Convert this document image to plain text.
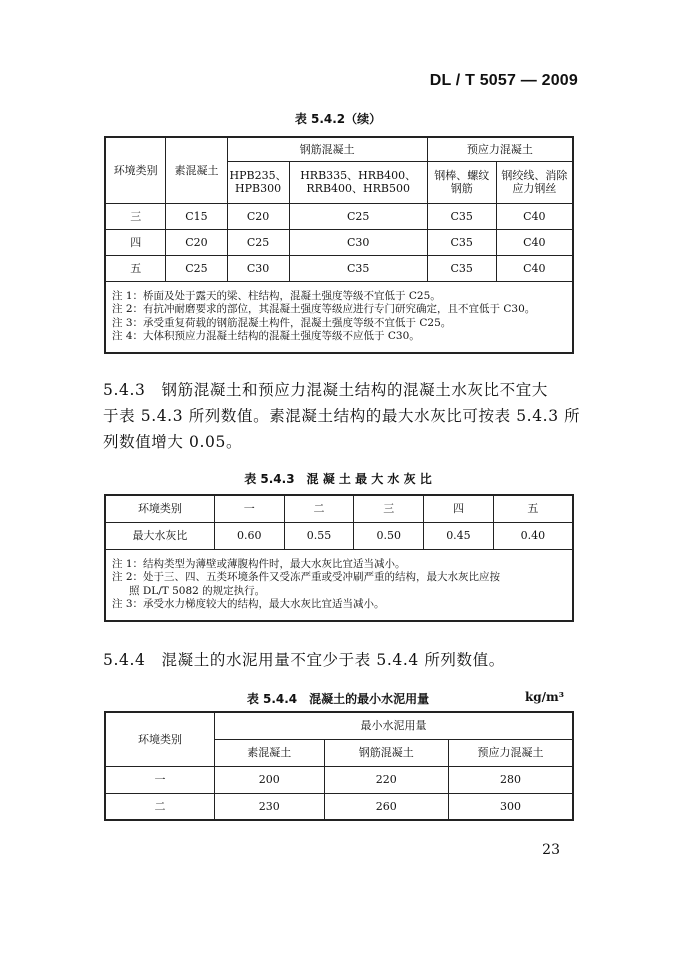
DL / T 5057 — 2009
表 5.4.2（续）
环境类别	素混凝土	钢筋混凝土		预应力混凝土	
		HPB235、HPB300	HRB335、HRB400、RRB400、HRB500	钢棒、螺纹钢筋	钢绞线、消除应力钢丝
三	C15	C20	C25	C35	C40
四	C20	C25	C30	C35	C40
五	C25	C30	C35	C35	C40

注 1：桥面及处于露天的梁、柱结构，混凝土强度等级不宜低于 C25。
注 2：有抗冲耐磨要求的部位，其混凝土强度等级应进行专门研究确定，且不宜低于 C30。
注 3：承受重复荷载的钢筋混凝土构件，混凝土强度等级不宜低于 C25。
注 4：大体积预应力混凝土结构的混凝土强度等级不应低于 C30。					
5.4.3　钢筋混凝土和预应力混凝土结构的混凝土水灰比不宜大
于表 5.4.3 所列数值。素混凝土结构的最大水灰比可按表 5.4.3 所
列数值增大 0.05。
表 5.4.3　混 凝 土 最 大 水 灰 比
环境类别	一	二	三	四	五
最大水灰比	0.60	0.55	0.50	0.45	0.40

注 1：结构类型为薄壁或薄腹构件时，最大水灰比宜适当减小。
注 2：处于三、四、五类环境条件又受冻严重或受冲刷严重的结构，最大水灰比应按
照 DL/T 5082 的规定执行。
注 3：承受水力梯度较大的结构，最大水灰比宜适当减小。					
5.4.4　混凝土的水泥用量不宜少于表 5.4.4 所列数值。
表 5.4.4　混凝土的最小水泥用量	kg/m³
环境类别	最小水泥用量		
	素混凝土	钢筋混凝土	预应力混凝土
一	200	220	280
二	230	260	300
23
